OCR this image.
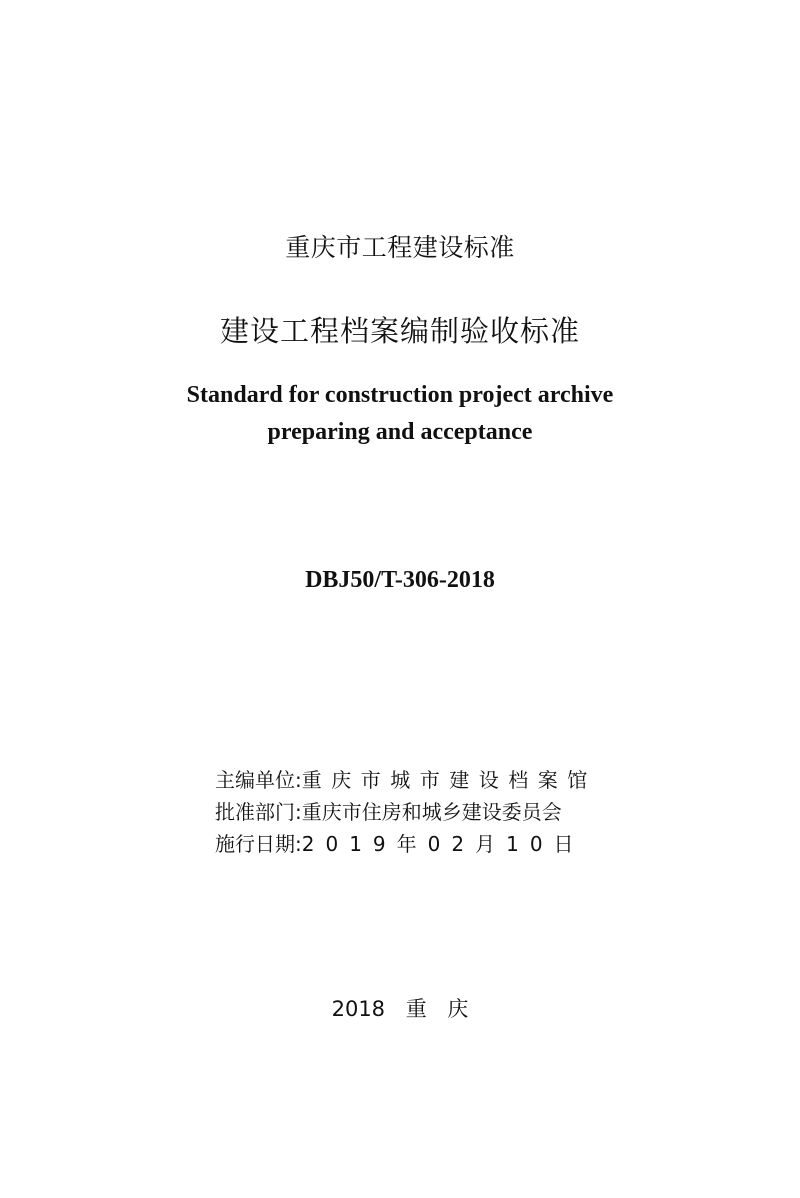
重庆市工程建设标准
建设工程档案编制验收标准
Standard for construction project archive
preparing and acceptance
DBJ50/T-306-2018
主编单位:重庆市城市建设档案馆
批准部门:重庆市住房和城乡建设委员会
施行日期:2019年02月10日
2018 重 庆
